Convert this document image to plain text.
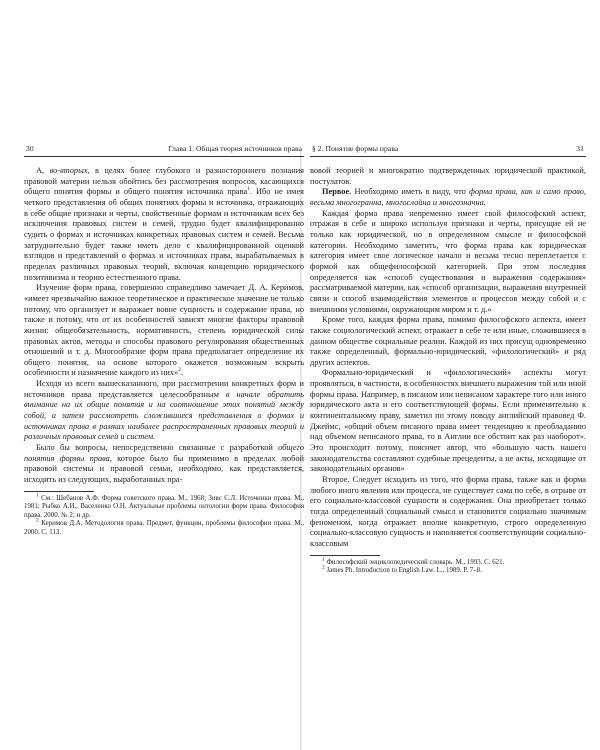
30	Глава 1. Общая теория источников права

А, во-вторых, в целях более глубокого и разностороннего познания правовой материи нельзя обойтись без рассмотрения вопросов, касающихся общего понятия формы и общего понятия источника права$^1$. Ибо не имея четкого представления об общих понятиях формы и источника, отражающих в себе общие признаки и черты, свойственные формам и источникам всех без исключения правовых систем и семей, трудно будет квалифицированно судить о формах и источниках конкретных правовых систем и семей. Весьма затруднительно будет также иметь дело с квалифицированной оценкой взглядов и представлений о формах и источниках права, вырабатываемых в пределах различных правовых теорий, включая концепцию юридического позитивизма и теорию естественного права.

Изучение форм права, совершенно справедливо замечает Д. А. Керимов, «имеет чрезвычайно важное теоретическое и практическое значение не только потому, что организует и выражает вовне сущность и содержание права, но также и потому, что от их особенностей зависят многие факторы правовой жизни: общеобязательность, нормативность, степень юридической силы правовых актов, методы и способы правового регулирования общественных отношений и т. д. Многообразие форм права предполагает определение их общего понятия, на основе которого окажется возможным вскрыть особенности и назначение каждого из них»$^2$.

Исходя из всего вышесказанного, при рассмотрении конкретных форм и источников права представляется целесообразным в начале обратить внимание на их общие понятия и на соотношение этих понятий между собой, а затем рассмотреть сложившиеся представления о формах и источниках права в рамках наиболее распространенных правовых теорий и различных правовых семей и систем.

Было бы вопросы, непосредственно связанные с разработкой общего понятия формы права, которое было бы применимо в пределах любой правовой системы и правовой семьи, необходимо, как представляется, исходить из следующих, выработанных пра-

$^1$ См.: Шебанов А.Ф. Форма советского права. М., 1968; Зивс С.Л. Источники права. М., 1981; Рыбко А.И., Васеленко О.Н. Актуальные проблемы онтологии форм права. Философия права. 2000. № 2; и др.

$^2$ Керимов Д.А. Методология права. Предмет, функции, проблемы философии права. М., 2000. С. 113.

§ 2. Понятие формы права	31

вовой теорией и многократно подтвержденных юридической практикой, постулатов.

Первое. Необходимо иметь в виду, что форма права, как и само право, весьма многогранна, многослойна и многозначна.

Каждая форма права непременно имеет свой философский аспект, отражая в себе и широко используя признаки и черты, присущие ей не только как юридической, но в определенном смысле и философской категории. Необходимо заметить, что форма права как юридическая категория имеет свое логическое начало и весьма тесно переплетается с формой как общефилософской категорией. При этом последняя определяется как «способ существования и выражения содержания» рассматриваемой материи, как «способ организации, выражения внутренней связи и способ взаимодействия элементов и процессов между собой и с внешними условиями, окружающим миром и т. д.»

Кроме того, каждая форма права, помимо философского аспекта, имеет также социологический аспект, отражает в себе те или иные, сложившиеся в данном обществе социальные реалии. Каждой из них присущ одновременно также определенный, формально-юридический, «филологический» и ряд других аспектов.

Формально-юридический и «филологический» аспекты могут проявляться, в частности, в особенностях внешнего выражения той или иной формы права. Например, в писаном или неписаном характере того или иного юридического акта и его соответствующей формы. Если применительно к континентальному праву, заметил по этому поводу английский правовед Ф. Джеймс, «общий объем писаного права имеет тенденцию к преобладанию над объемом неписаного права, то в Англии все обстоит как раз наоборот». Это происходит потому, поясняет автор, что «большую часть нашего законодательства составляют судебные прецеденты, а не акты, исходящие от законодательных органов»

Второе. Следует исходить из того, что форма права, также как и форма любого иного явления или процесса, не существует сама по себе, в отрыве от его социально-классовой сущности и содержания. Она приобретает только тогда определенный социальный смысл и становится социально значимым феноменом, когда отражает вполне конкретную, строго определенную социально-классовую сущность и наполняется соответствующим социально-классовым

$^1$ Философский энциклопедический словарь. М., 1993. С. 621.

$^2$ James Ph. Introduction to English Law. L., 1989. P. 7–8.
